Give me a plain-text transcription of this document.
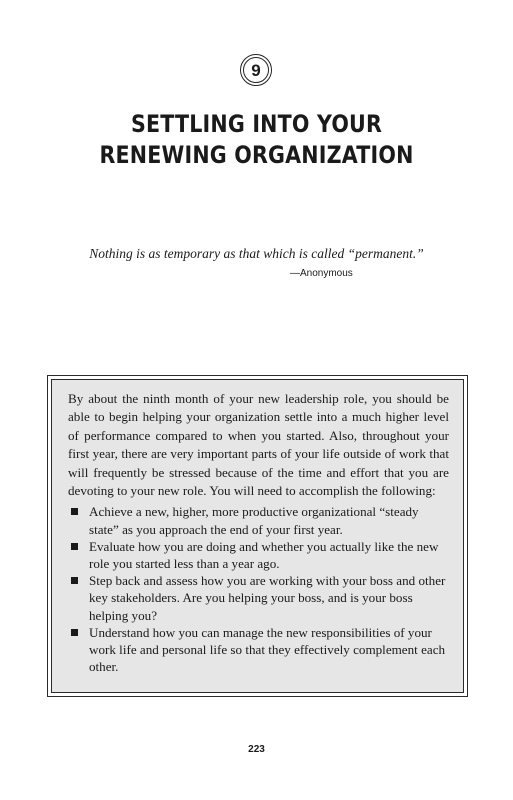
9
SETTLING INTO YOUR RENEWING ORGANIZATION

Nothing is as temporary as that which is called “permanent.”

—Anonymous

By about the ninth month of your new leadership role, you should be able to begin helping your organization settle into a much higher level of performance compared to when you started. Also, throughout your first year, there are very important parts of your life outside of work that will frequently be stressed because of the time and effort that you are devoting to your new role. You will need to accomplish the following:

Achieve a new, higher, more productive organizational “steady state” as you approach the end of your first year.
Evaluate how you are doing and whether you actually like the new role you started less than a year ago.
Step back and assess how you are working with your boss and other key stakeholders. Are you helping your boss, and is your boss helping you?
Understand how you can manage the new responsibilities of your work life and personal life so that they effectively complement each other.

223
